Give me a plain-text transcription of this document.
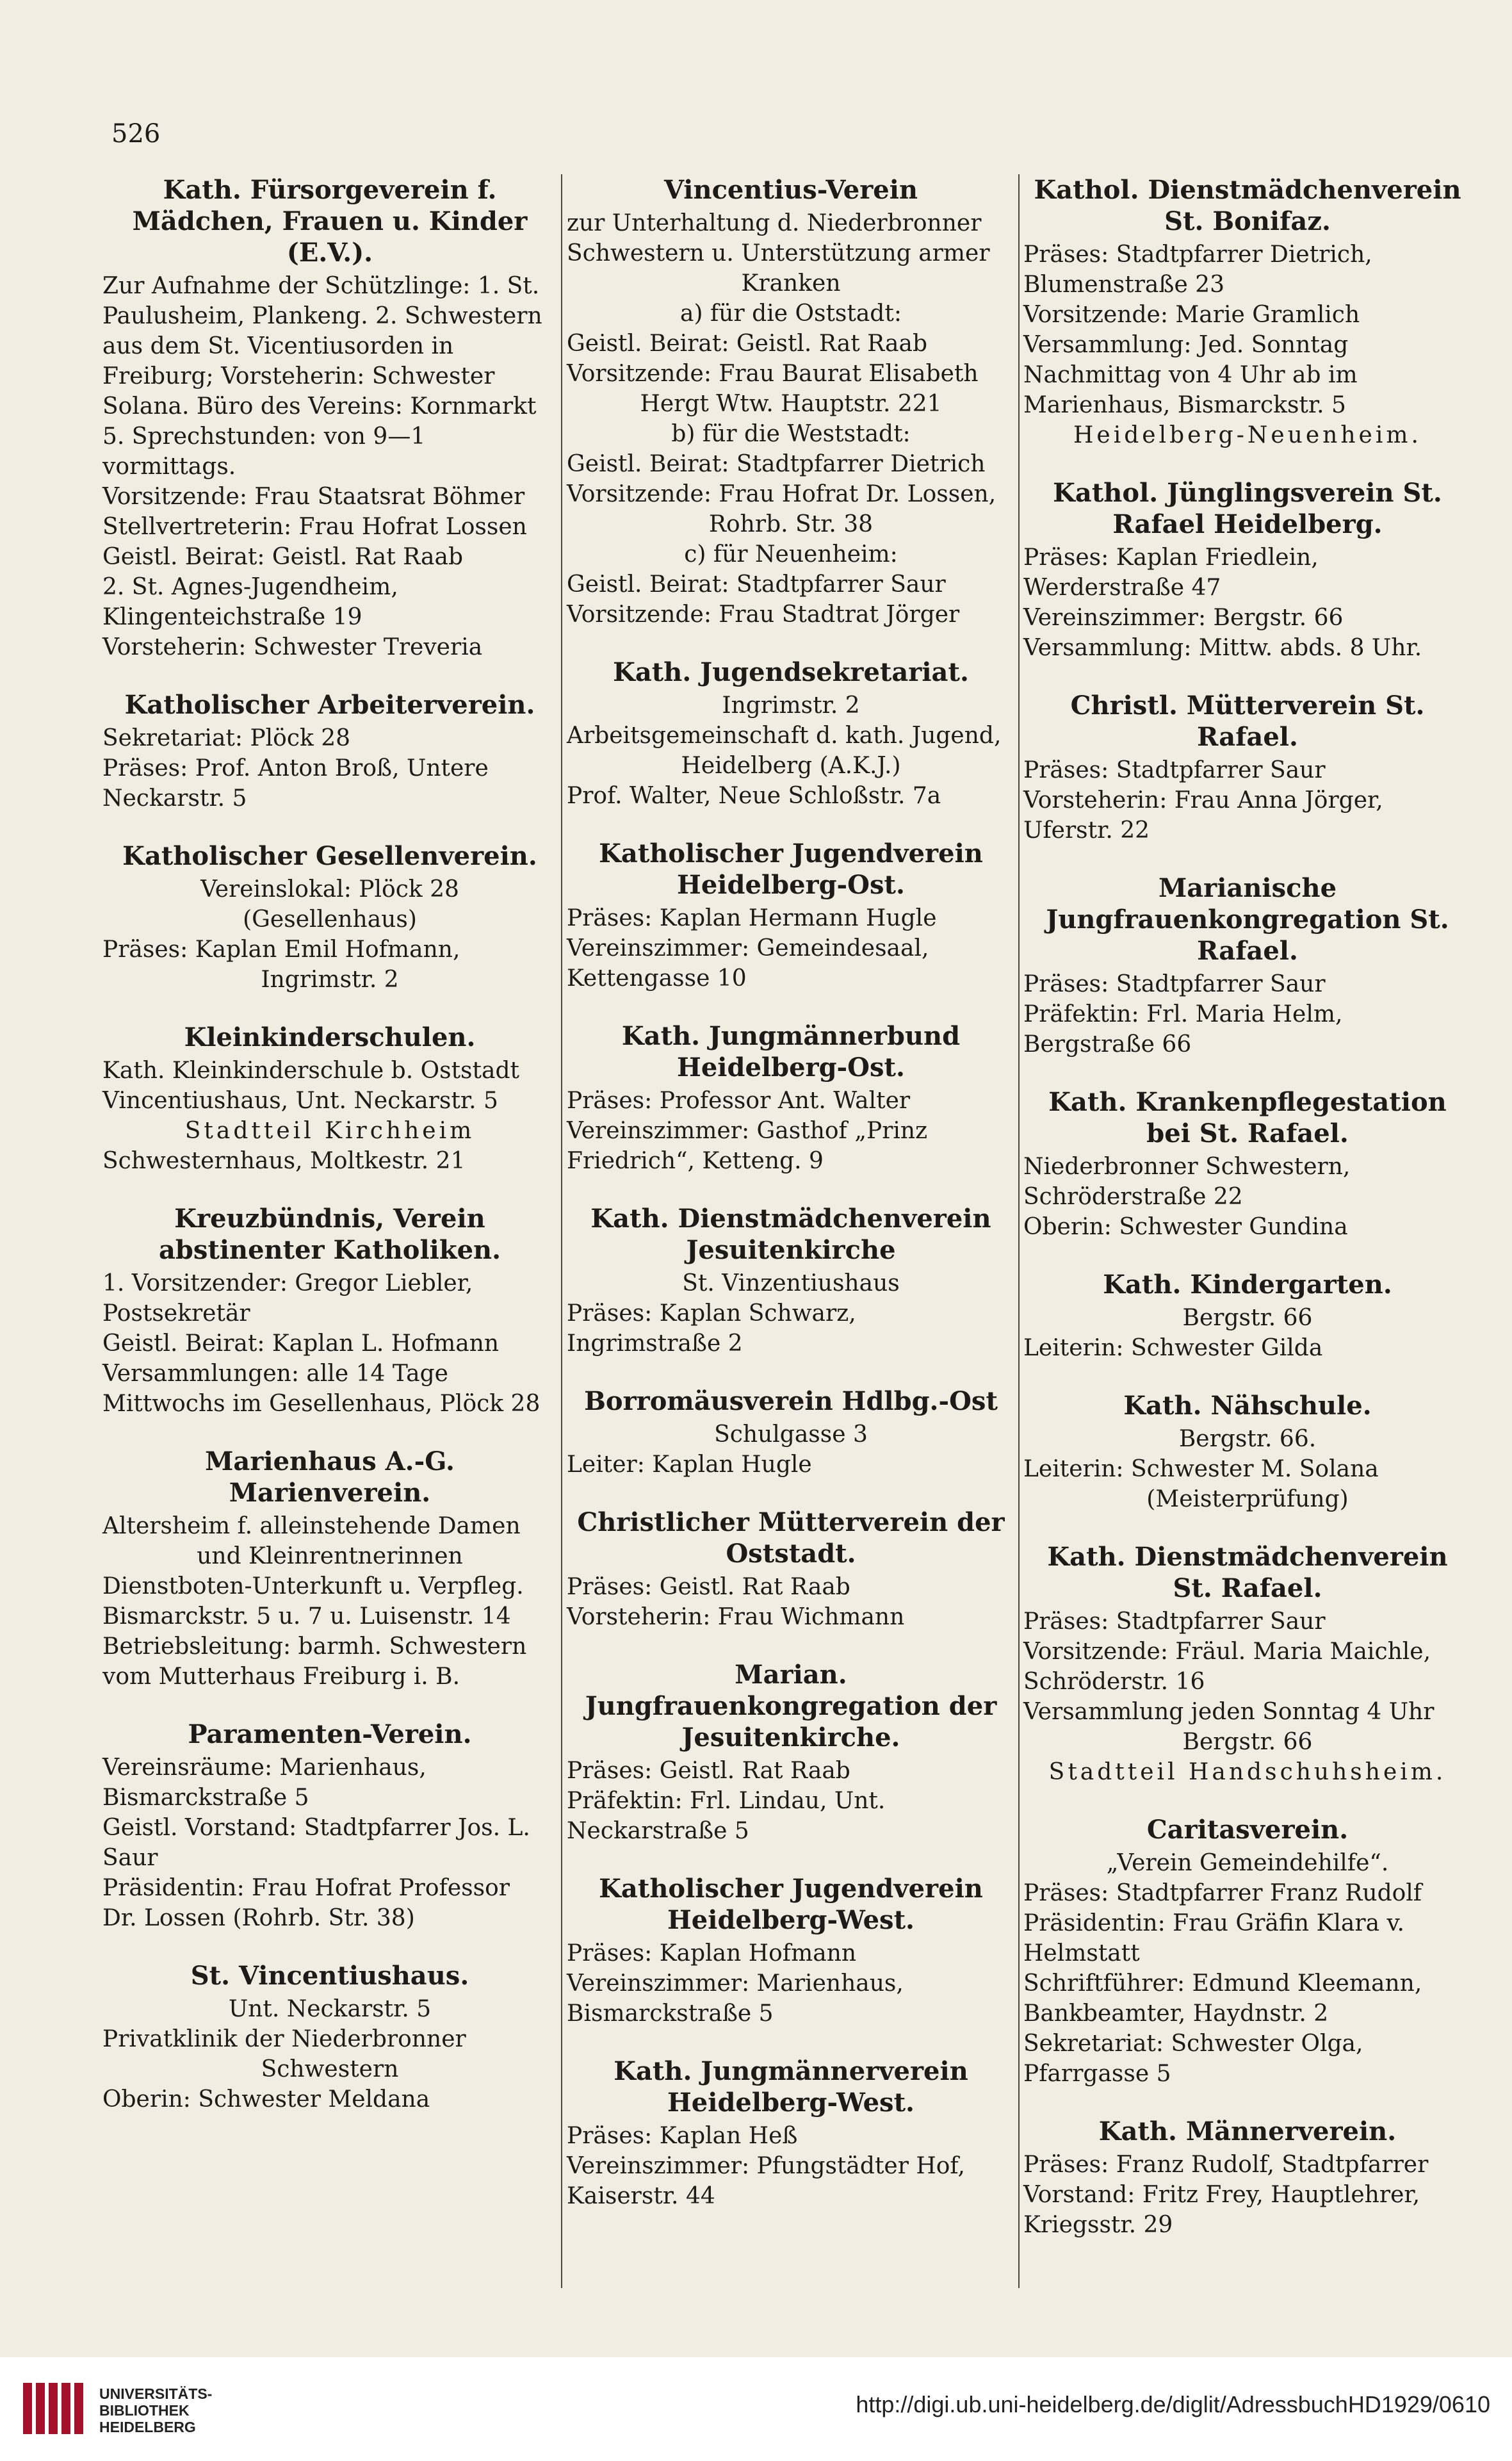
526
Kath. Fürsorgeverein f. Mädchen, Frauen u. Kinder (E.V.).
Zur Aufnahme der Schützlinge: 1. St.
Paulusheim, Plankeng. 2. Schwestern aus dem St. Vicentiusorden in
Freiburg; Vorsteherin: Schwester
Solana. Büro des Vereins: Kornmarkt 5. Sprechstunden: von 9—1
vormittags.
Vorsitzende: Frau Staatsrat Böhmer
Stellvertreterin: Frau Hofrat Lossen
Geistl. Beirat: Geistl. Rat Raab
2. St. Agnes-Jugendheim, Klingenteichstraße 19
Vorsteherin: Schwester Treveria
Katholischer Arbeiterverein.
Sekretariat: Plöck 28
Präses: Prof. Anton Broß, Untere
Neckarstr. 5
Katholischer Gesellenverein.
Vereinslokal: Plöck 28
(Gesellenhaus)
Präses: Kaplan Emil Hofmann,
Ingrimstr. 2
Kleinkinderschulen.
Kath. Kleinkinderschule b. Oststadt
Vincentiushaus, Unt. Neckarstr. 5
Stadtteil Kirchheim
Schwesternhaus, Moltkestr. 21
Kreuzbündnis, Verein abstinenter Katholiken.
1. Vorsitzender: Gregor Liebler, Postsekretär
Geistl. Beirat: Kaplan L. Hofmann
Versammlungen: alle 14 Tage Mittwochs im Gesellenhaus, Plöck 28
Marienhaus A.-G. Marienverein.
Altersheim f. alleinstehende Damen
und Kleinrentnerinnen
Dienstboten-Unterkunft u. Verpfleg.
Bismarckstr. 5 u. 7 u. Luisenstr. 14
Betriebsleitung: barmh. Schwestern
vom Mutterhaus Freiburg i. B.
Paramenten-Verein.
Vereinsräume: Marienhaus, Bismarckstraße 5
Geistl. Vorstand: Stadtpfarrer Jos. L. Saur
Präsidentin: Frau Hofrat Professor
Dr. Lossen (Rohrb. Str. 38)
St. Vincentiushaus.
Unt. Neckarstr. 5
Privatklinik der Niederbronner
Schwestern
Oberin: Schwester Meldana
Vincentius-Verein
zur Unterhaltung d. Niederbronner
Schwestern u. Unterstützung armer
Kranken
a) für die Oststadt:
Geistl. Beirat: Geistl. Rat Raab
Vorsitzende: Frau Baurat Elisabeth
Hergt Wtw. Hauptstr. 221
b) für die Weststadt:
Geistl. Beirat: Stadtpfarrer Dietrich
Vorsitzende: Frau Hofrat Dr. Lossen,
Rohrb. Str. 38
c) für Neuenheim:
Geistl. Beirat: Stadtpfarrer Saur
Vorsitzende: Frau Stadtrat Jörger
Kath. Jugendsekretariat.
Ingrimstr. 2
Arbeitsgemeinschaft d. kath. Jugend,
Heidelberg (A.K.J.)
Prof. Walter, Neue Schloßstr. 7a
Katholischer Jugendverein Heidelberg-Ost.
Präses: Kaplan Hermann Hugle
Vereinszimmer: Gemeindesaal, Kettengasse 10
Kath. Jungmännerbund Heidelberg-Ost.
Präses: Professor Ant. Walter
Vereinszimmer: Gasthof „Prinz
Friedrich“, Ketteng. 9
Kath. Dienstmädchenverein Jesuitenkirche
St. Vinzentiushaus
Präses: Kaplan Schwarz, Ingrimstraße 2
Borromäusverein Hdlbg.-Ost
Schulgasse 3
Leiter: Kaplan Hugle
Christlicher Mütterverein der Oststadt.
Präses: Geistl. Rat Raab
Vorsteherin: Frau Wichmann
Marian. Jungfrauenkongregation der Jesuitenkirche.
Präses: Geistl. Rat Raab
Präfektin: Frl. Lindau, Unt. Neckarstraße 5
Katholischer Jugendverein Heidelberg-West.
Präses: Kaplan Hofmann
Vereinszimmer: Marienhaus, Bismarckstraße 5
Kath. Jungmännerverein Heidelberg-West.
Präses: Kaplan Heß
Vereinszimmer: Pfungstädter Hof,
Kaiserstr. 44
Kathol. Dienstmädchenverein St. Bonifaz.
Präses: Stadtpfarrer Dietrich, Blumenstraße 23
Vorsitzende: Marie Gramlich
Versammlung: Jed. Sonntag Nachmittag von 4 Uhr ab im Marienhaus, Bismarckstr. 5
Heidelberg-Neuenheim.
Kathol. Jünglingsverein St. Rafael Heidelberg.
Präses: Kaplan Friedlein, Werderstraße 47
Vereinszimmer: Bergstr. 66
Versammlung: Mittw. abds. 8 Uhr.
Christl. Mütterverein St. Rafael.
Präses: Stadtpfarrer Saur
Vorsteherin: Frau Anna Jörger,
Uferstr. 22
Marianische Jungfrauenkongregation St. Rafael.
Präses: Stadtpfarrer Saur
Präfektin: Frl. Maria Helm, Bergstraße 66
Kath. Krankenpflegestation bei St. Rafael.
Niederbronner Schwestern, Schröderstraße 22
Oberin: Schwester Gundina
Kath. Kindergarten.
Bergstr. 66
Leiterin: Schwester Gilda
Kath. Nähschule.
Bergstr. 66.
Leiterin: Schwester M. Solana
(Meisterprüfung)
Kath. Dienstmädchenverein St. Rafael.
Präses: Stadtpfarrer Saur
Vorsitzende: Fräul. Maria Maichle,
Schröderstr. 16
Versammlung jeden Sonntag 4 Uhr
Bergstr. 66
Stadtteil Handschuhsheim.
Caritasverein.
„Verein Gemeindehilfe“.
Präses: Stadtpfarrer Franz Rudolf
Präsidentin: Frau Gräfin Klara v. Helmstatt
Schriftführer: Edmund Kleemann,
Bankbeamter, Haydnstr. 2
Sekretariat: Schwester Olga, Pfarrgasse 5
Kath. Männerverein.
Präses: Franz Rudolf, Stadtpfarrer
Vorstand: Fritz Frey, Hauptlehrer, Kriegsstr. 29
UNIVERSITÄTS-
BIBLIOTHEK
HEIDELBERG
http://digi.ub.uni-heidelberg.de/diglit/AdressbuchHD1929/0610
